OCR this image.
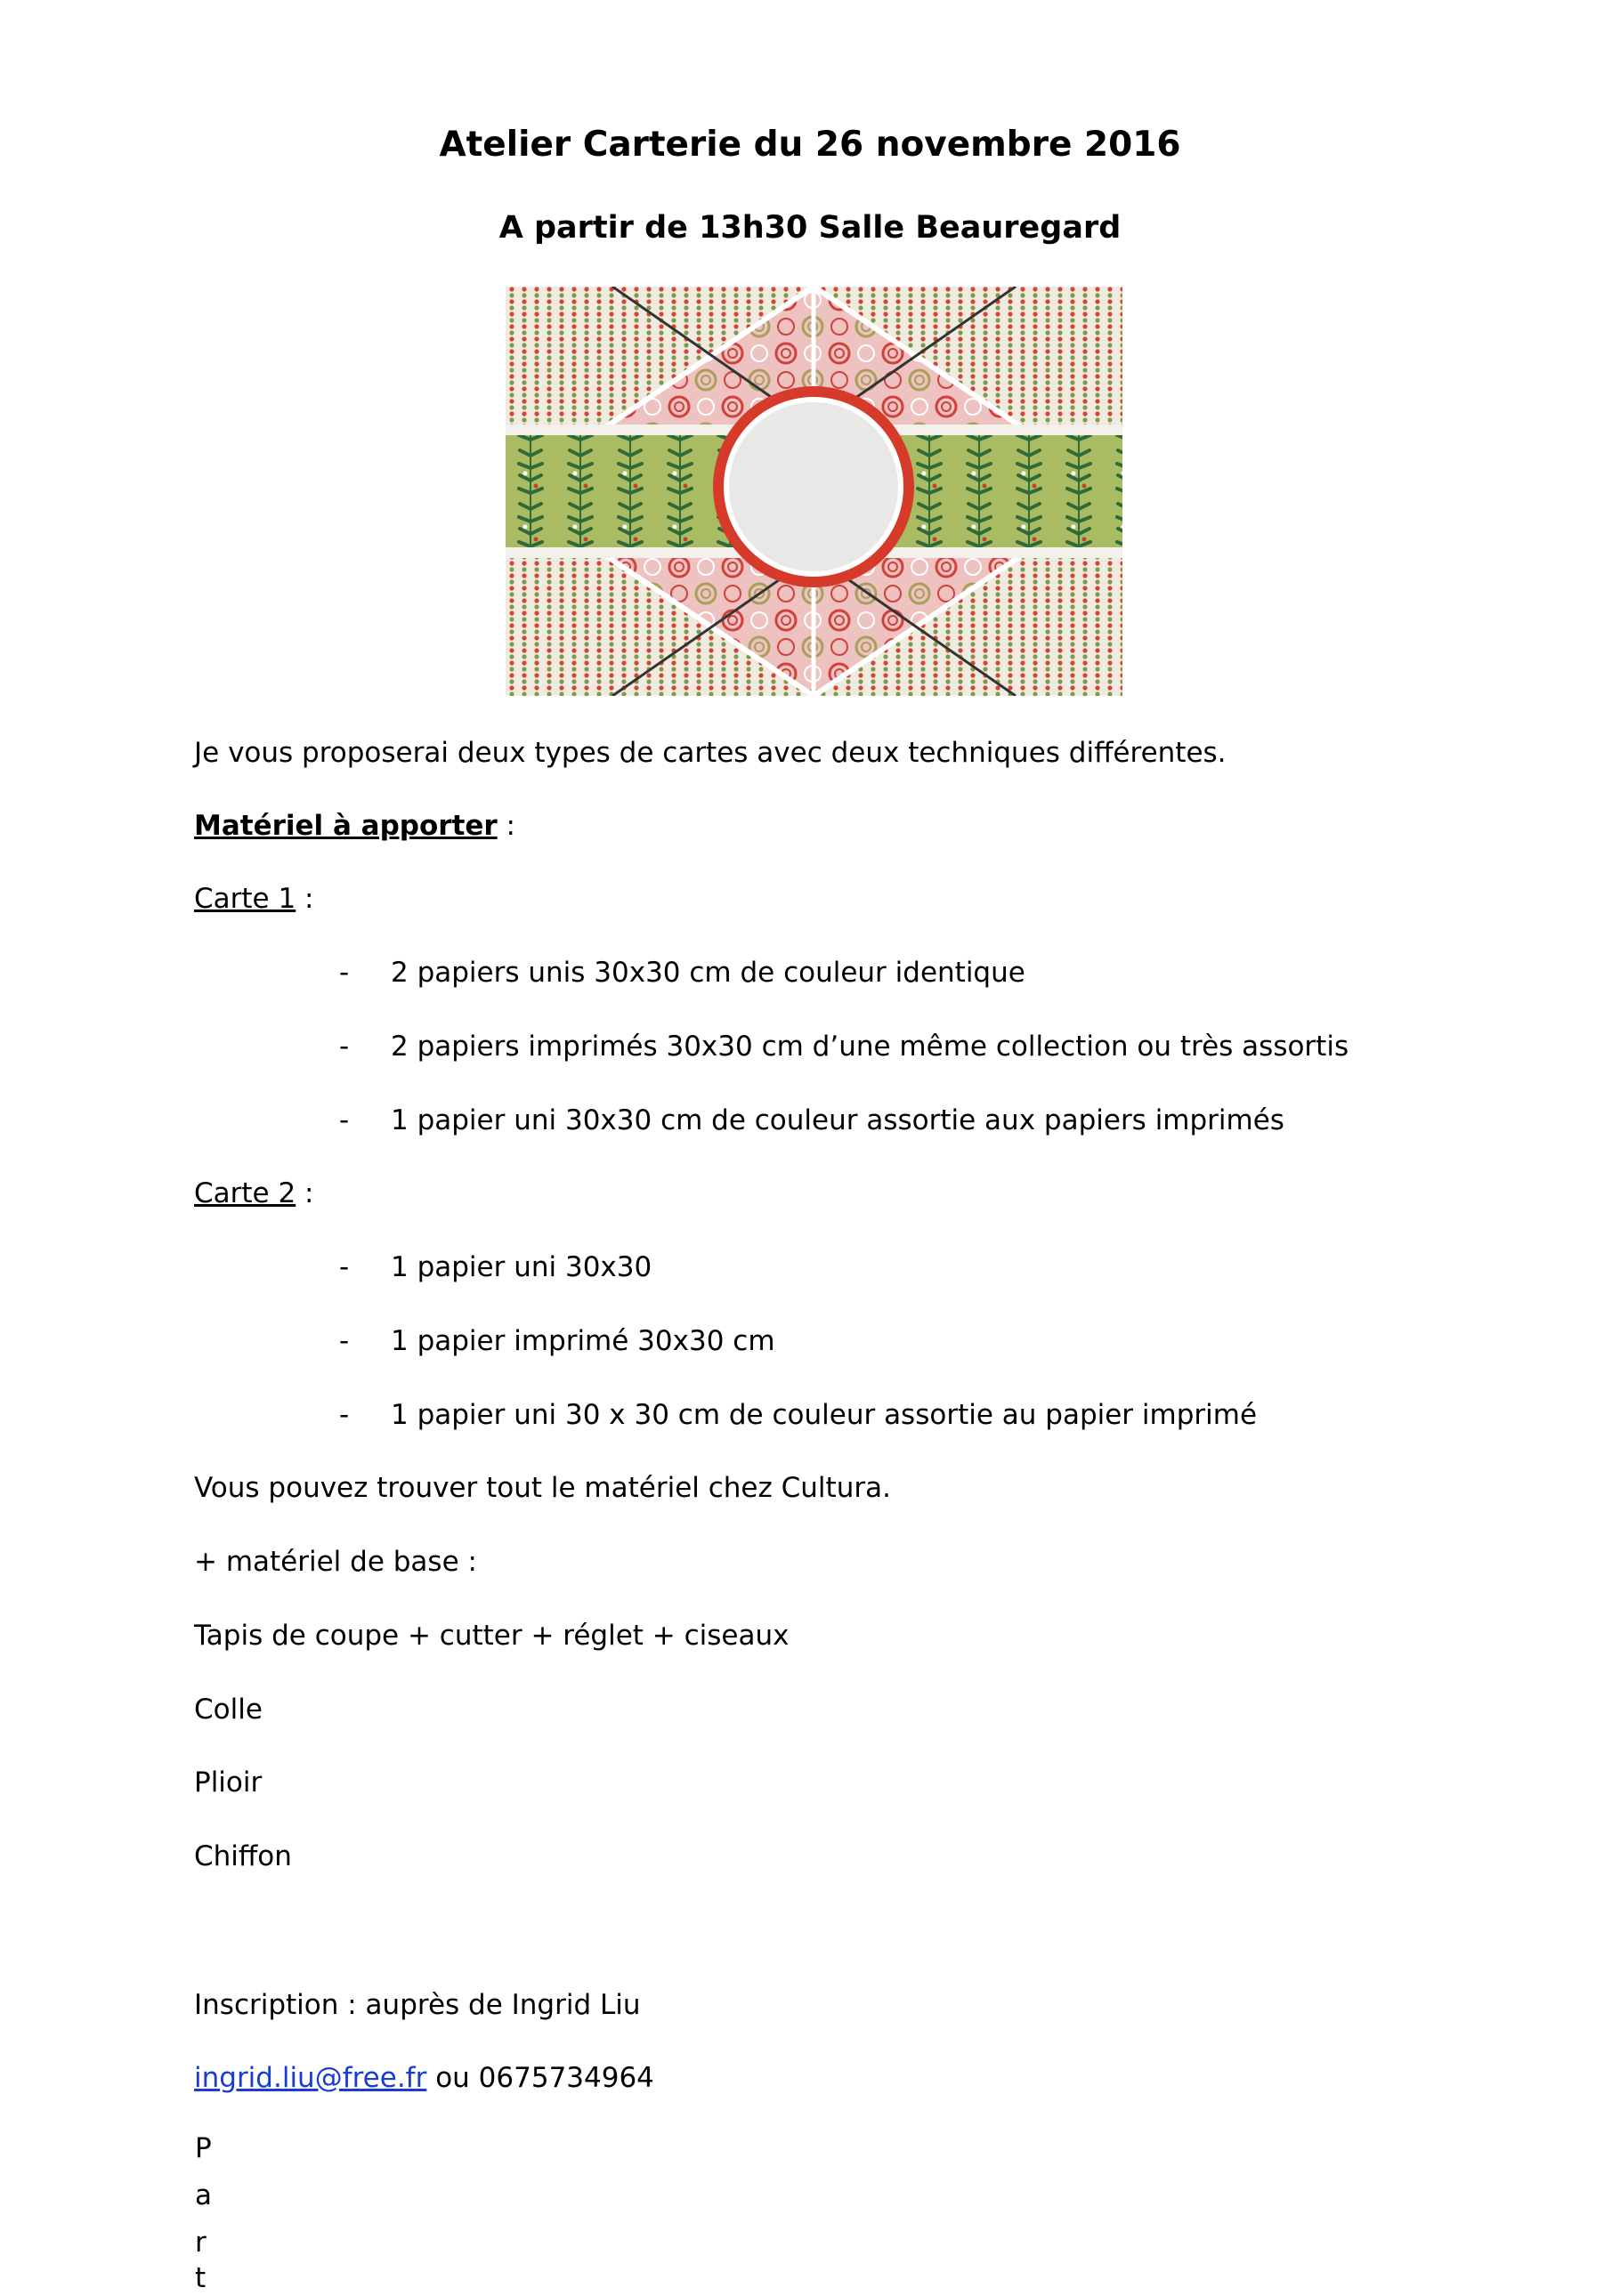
Atelier Carterie du 26 novembre 2016
A partir de 13h30 Salle Beauregard
Je vous proposerai deux types de cartes avec deux techniques différentes.
Matériel à apporter :
Carte 1 :
- 2 papiers unis 30x30 cm de couleur identique
- 2 papiers imprimés 30x30 cm d’une même collection ou très assortis
- 1 papier uni 30x30 cm de couleur assortie aux papiers imprimés
Carte 2 :
- 1 papier uni 30x30
- 1 papier imprimé 30x30 cm
- 1 papier uni 30 x 30 cm de couleur assortie au papier imprimé
Vous pouvez trouver tout le matériel chez Cultura.
+ matériel de base :
Tapis de coupe + cutter + réglet + ciseaux
Colle
Plioir
Chiffon
Inscription : auprès de Ingrid Liu
ingrid.liu@free.fr ou 0675734964
P
a
r
t
